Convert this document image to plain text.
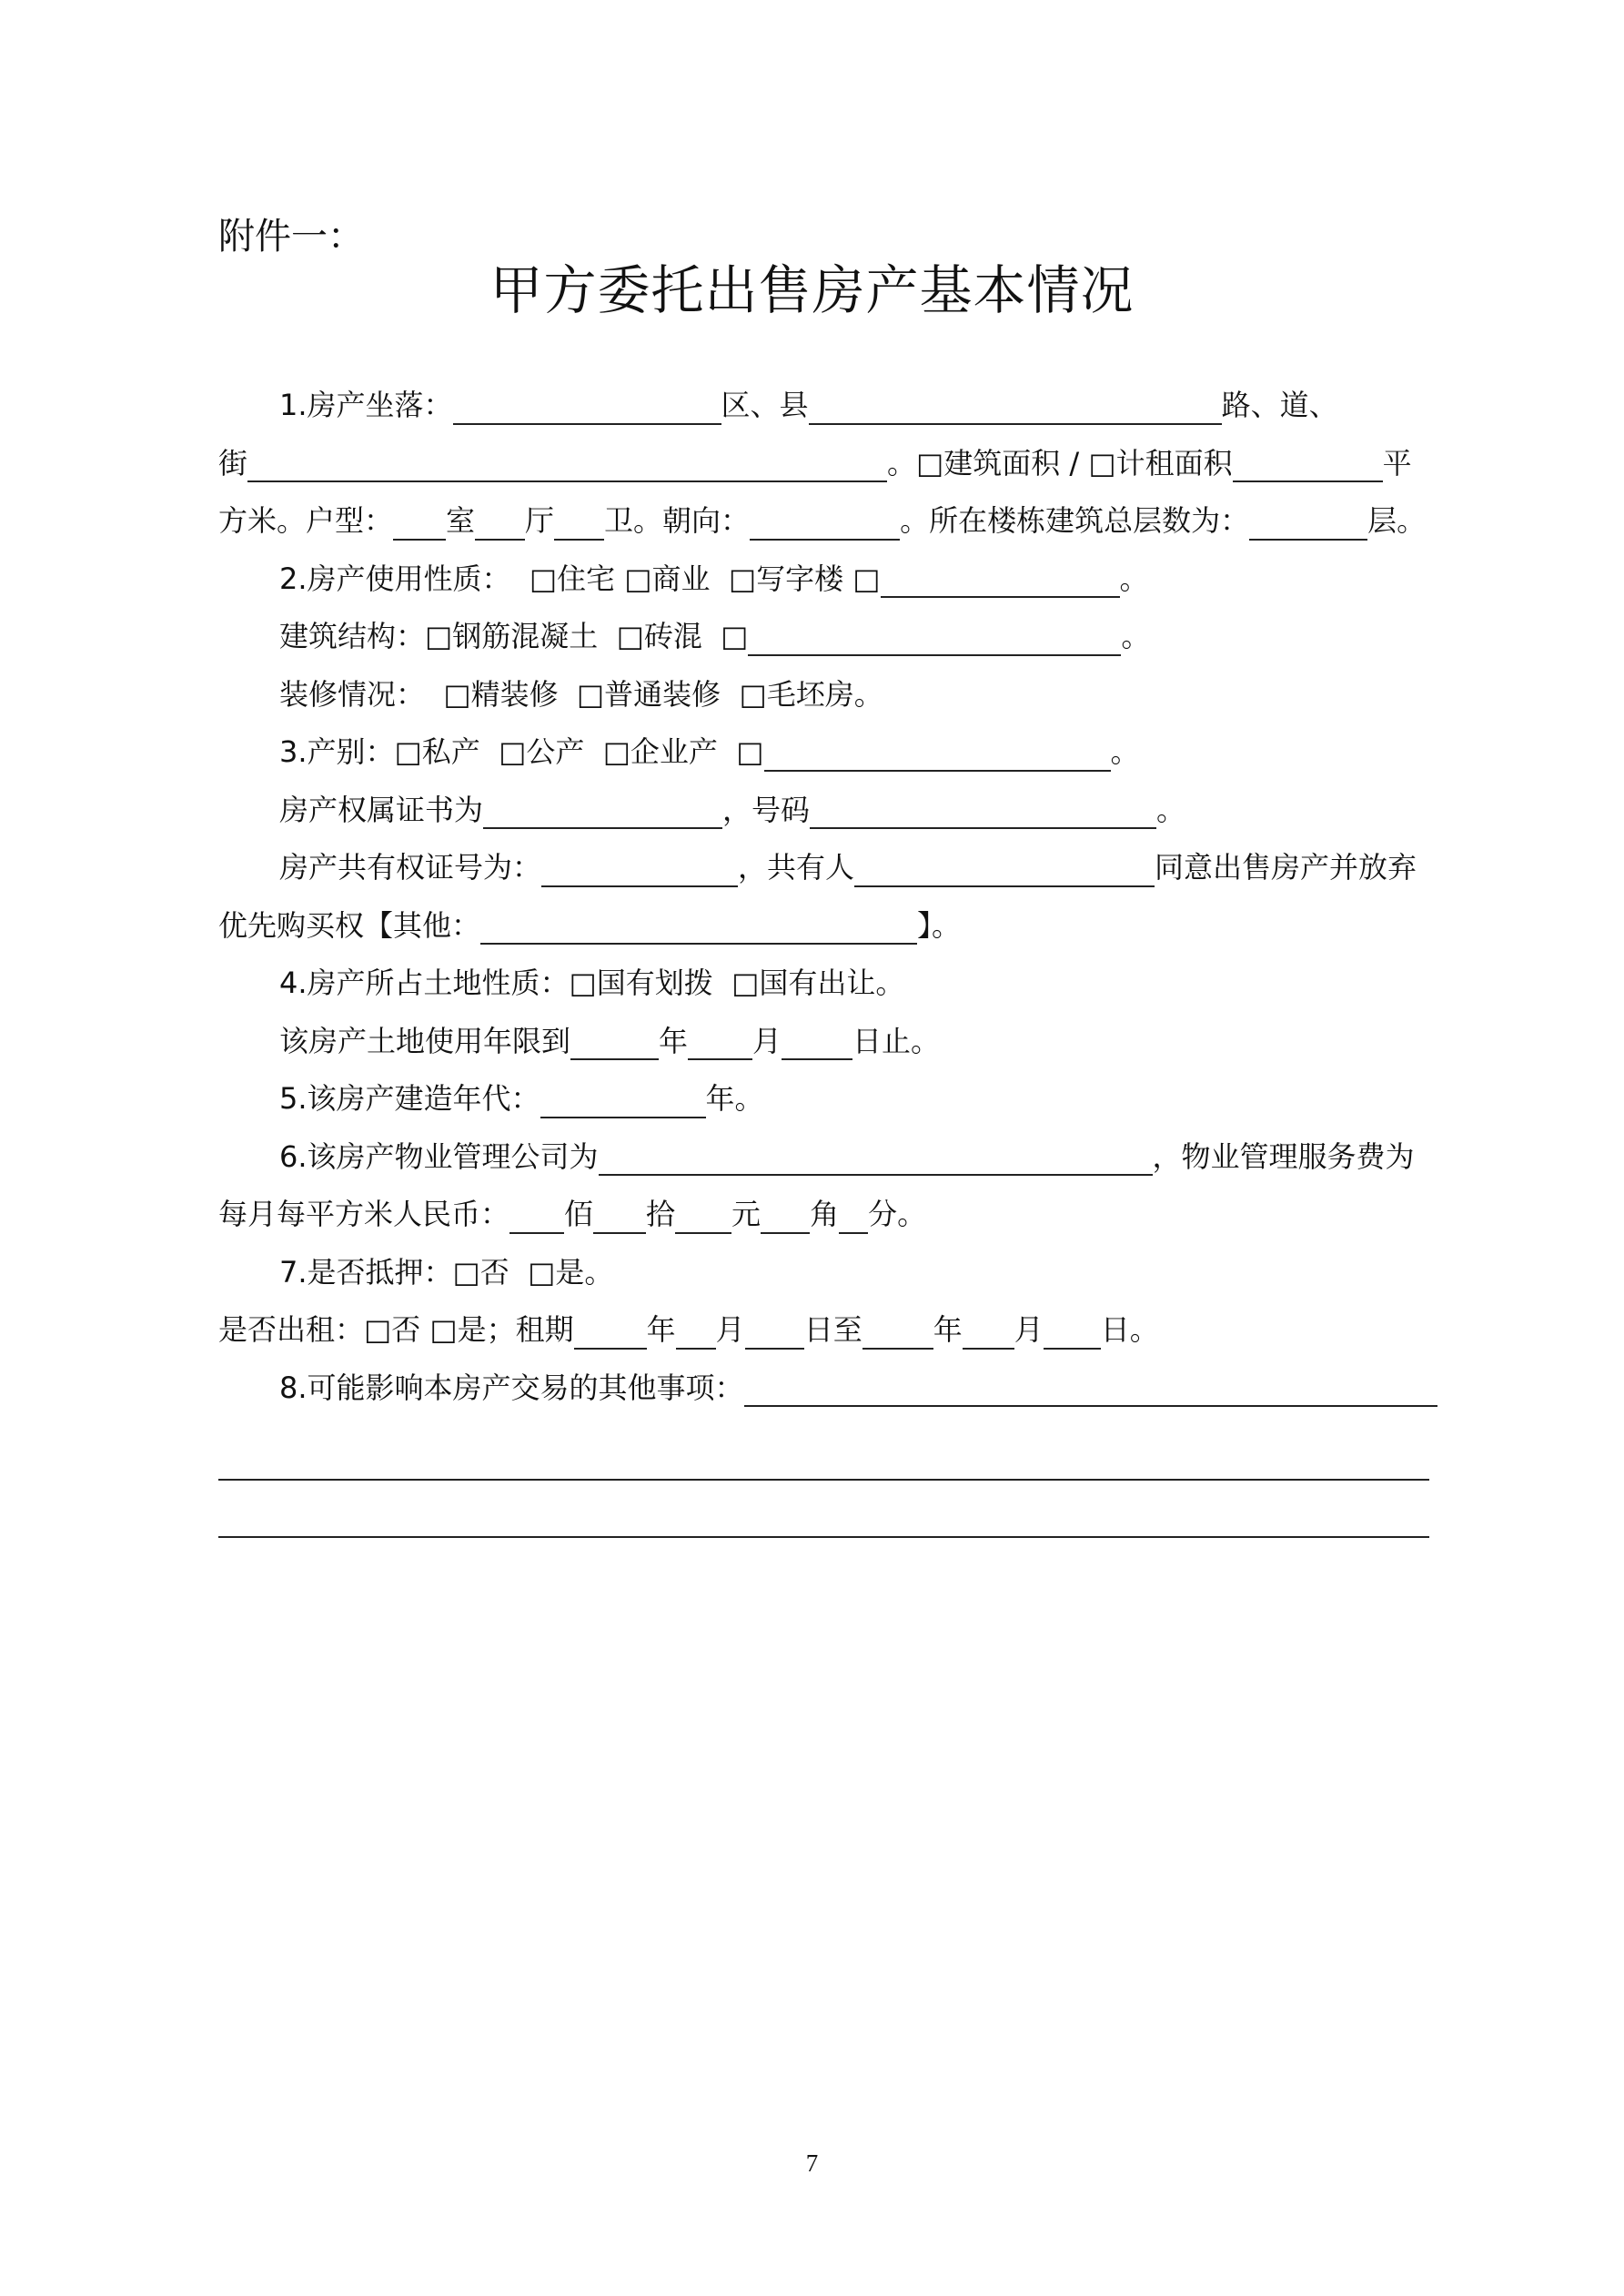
附件一：
甲方委托出售房产基本情况
1.房产坐落：	区、县	路、道、
街	。□建筑面积 / □计租面积	平
方米。户型： 室 厅 卫。朝向：	。所在楼栋建筑总层数为：	层。
2.房产使用性质：  □住宅 □商业  □写字楼 □	。
建筑结构：□钢筋混凝土  □砖混  □	。
装修情况：  □精装修  □普通装修  □毛坯房。
3.产别：□私产  □公产  □企业产  □	。
房产权属证书为	，号码	。
房产共有权证号为：	，共有人	同意出售房产并放弃
优先购买权【其他：	】。
4.房产所占土地性质：□国有划拨  □国有出让。
该房产土地使用年限到	年 月 日止。
5.该房产建造年代：	年。
6.该房产物业管理公司为	，物业管理服务费为
每月每平方米人民币： 佰 拾 元 角 分。
7.是否抵押：□否  □是。
是否出租：□否 □是；租期	年 月 日至 年 月 日。
8.可能影响本房产交易的其他事项：
7
